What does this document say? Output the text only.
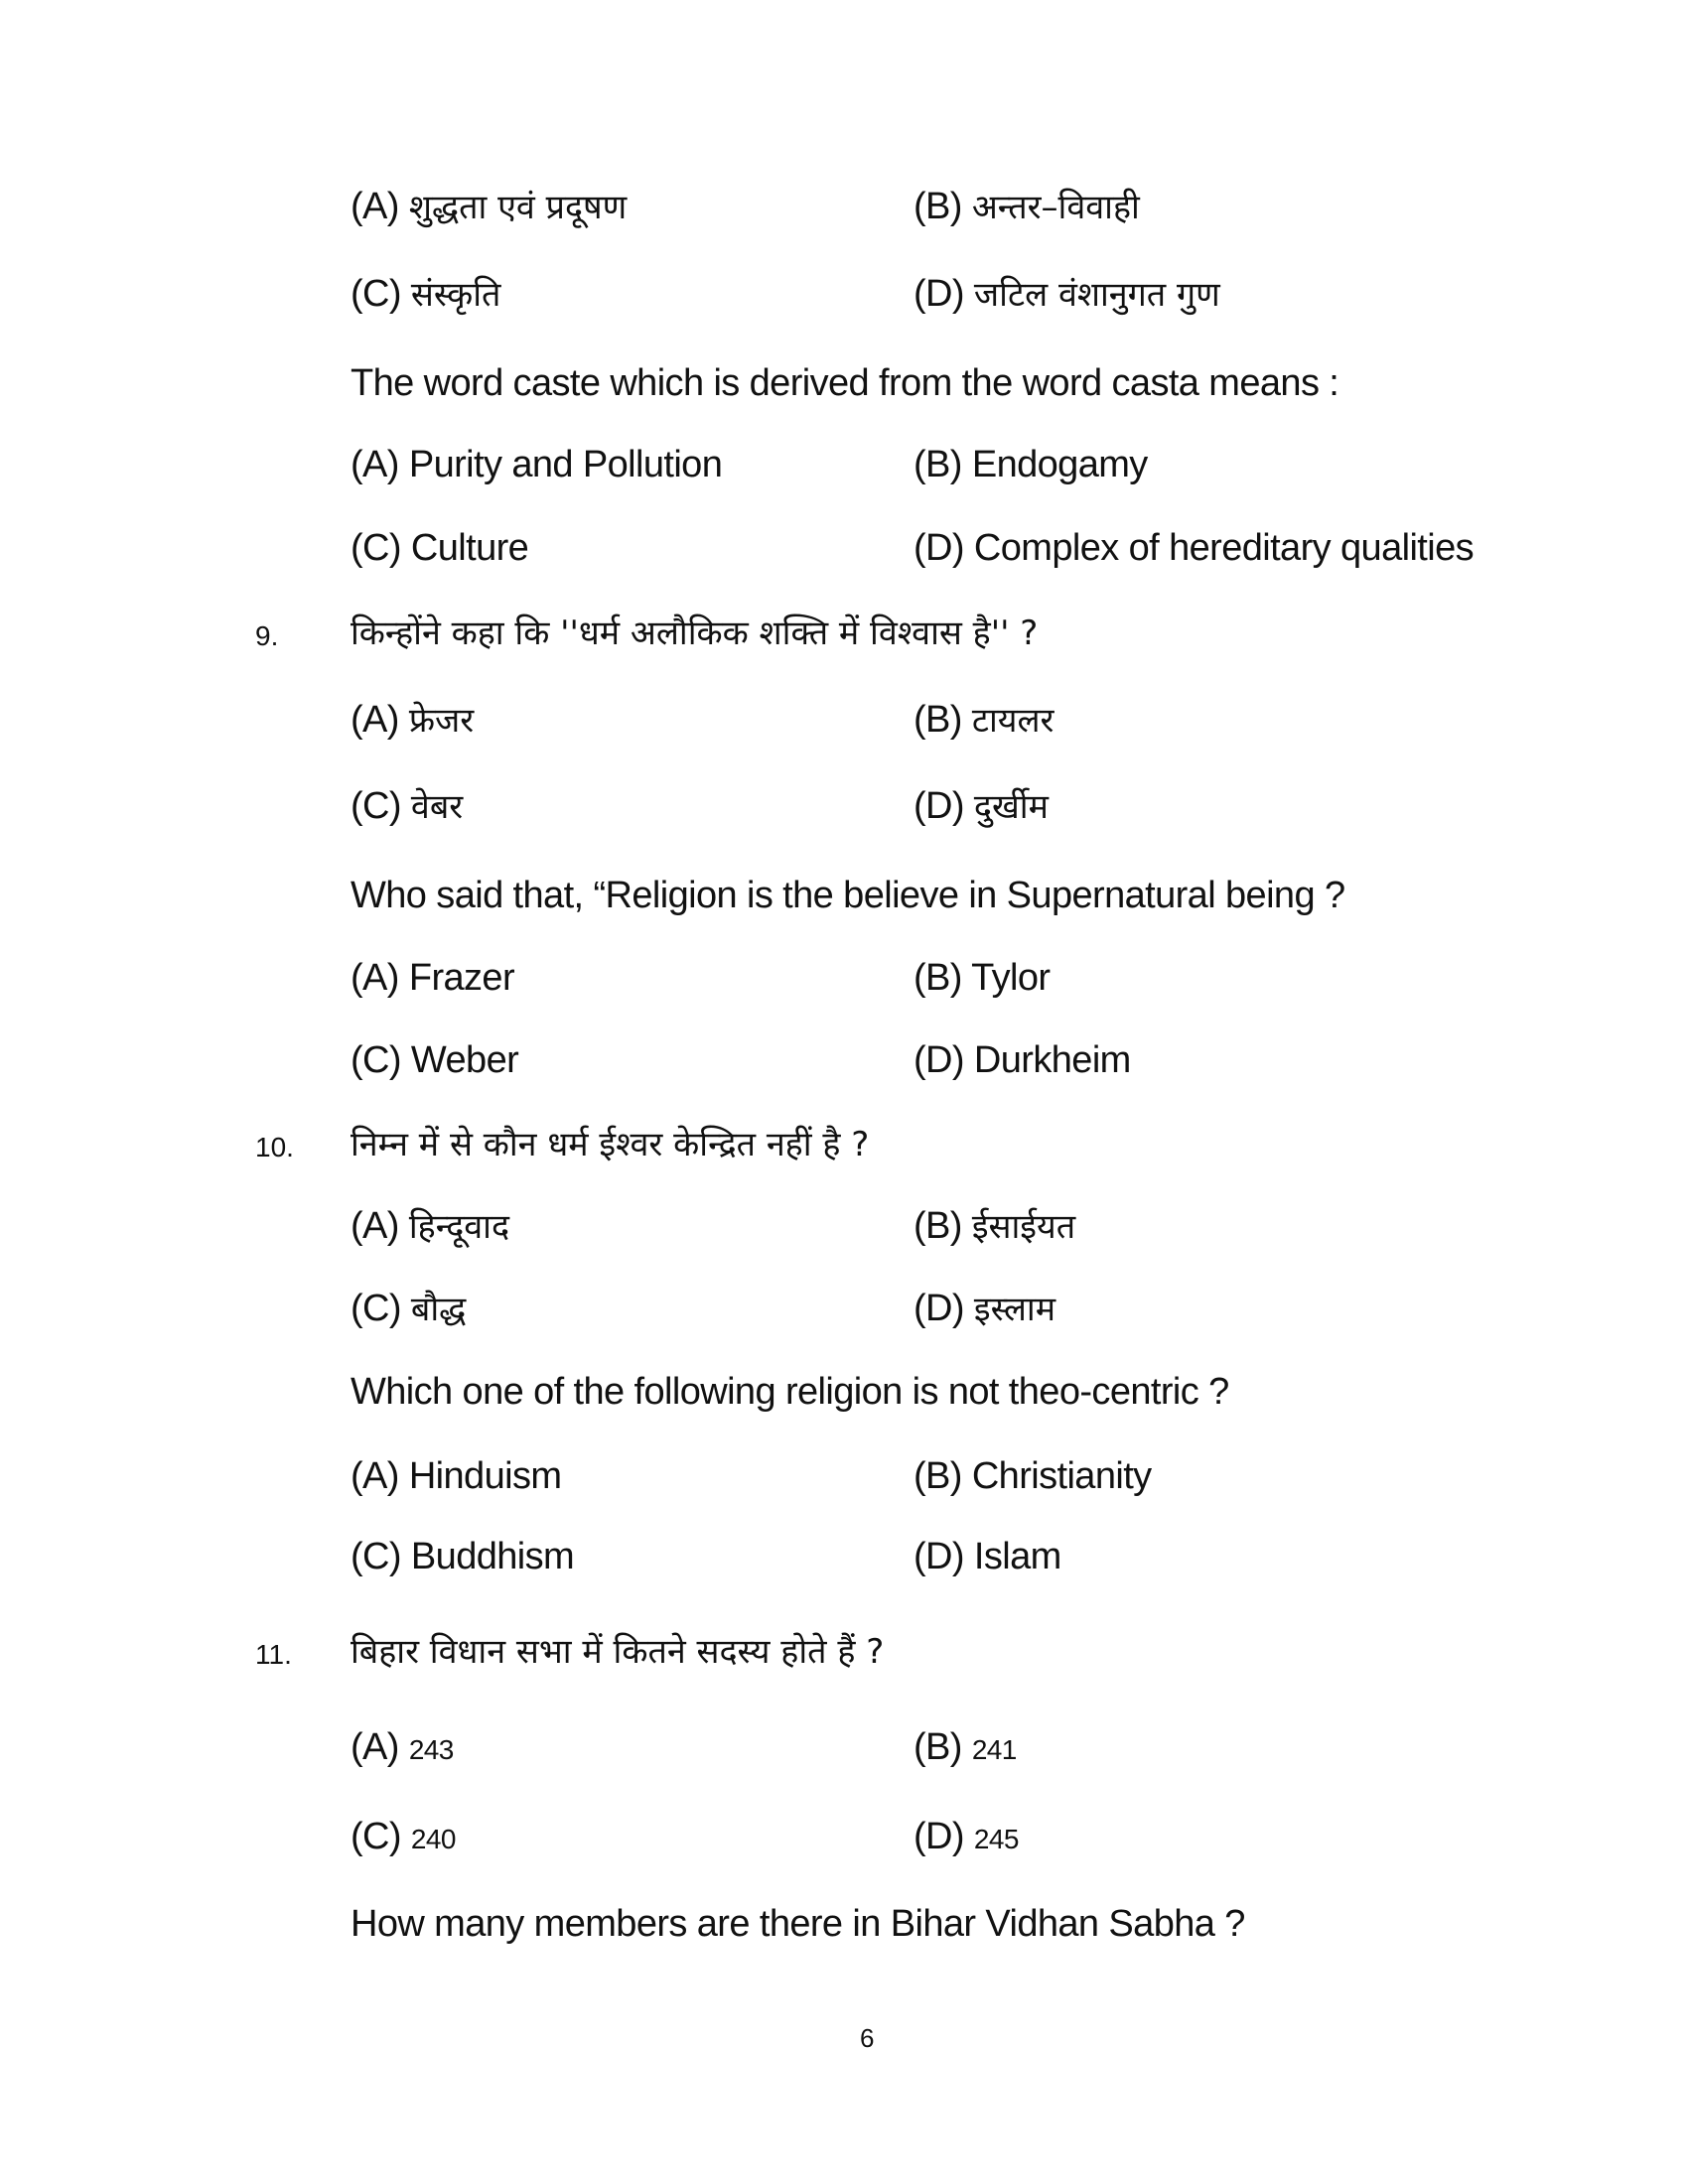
(A) शुद्धता एवं प्रदूषण	(B) अन्तर–विवाही
(C) संस्कृति	(D) जटिल वंशानुगत गुण
The word caste which is derived from the word casta means :
(A) Purity and Pollution	(B) Endogamy
(C) Culture	(D) Complex of hereditary qualities
9. किन्होंने कहा कि ''धर्म अलौकिक शक्ति में विश्वास है'' ?
(A) फ्रेजर	(B) टायलर
(C) वेबर	(D) दुर्खीम
Who said that, “Religion is the believe in Supernatural being ?
(A) Frazer	(B) Tylor
(C) Weber	(D) Durkheim
10. निम्न में से कौन धर्म ईश्वर केन्द्रित नहीं है ?
(A) हिन्दूवाद	(B) ईसाईयत
(C) बौद्ध	(D) इस्लाम
Which one of the following religion is not theo-centric ?
(A) Hinduism	(B) Christianity
(C) Buddhism	(D) Islam
11. बिहार विधान सभा में कितने सदस्य होते हैं ?
(A) 243	(B) 241
(C) 240	(D) 245
How many members are there in Bihar Vidhan Sabha ?
6
